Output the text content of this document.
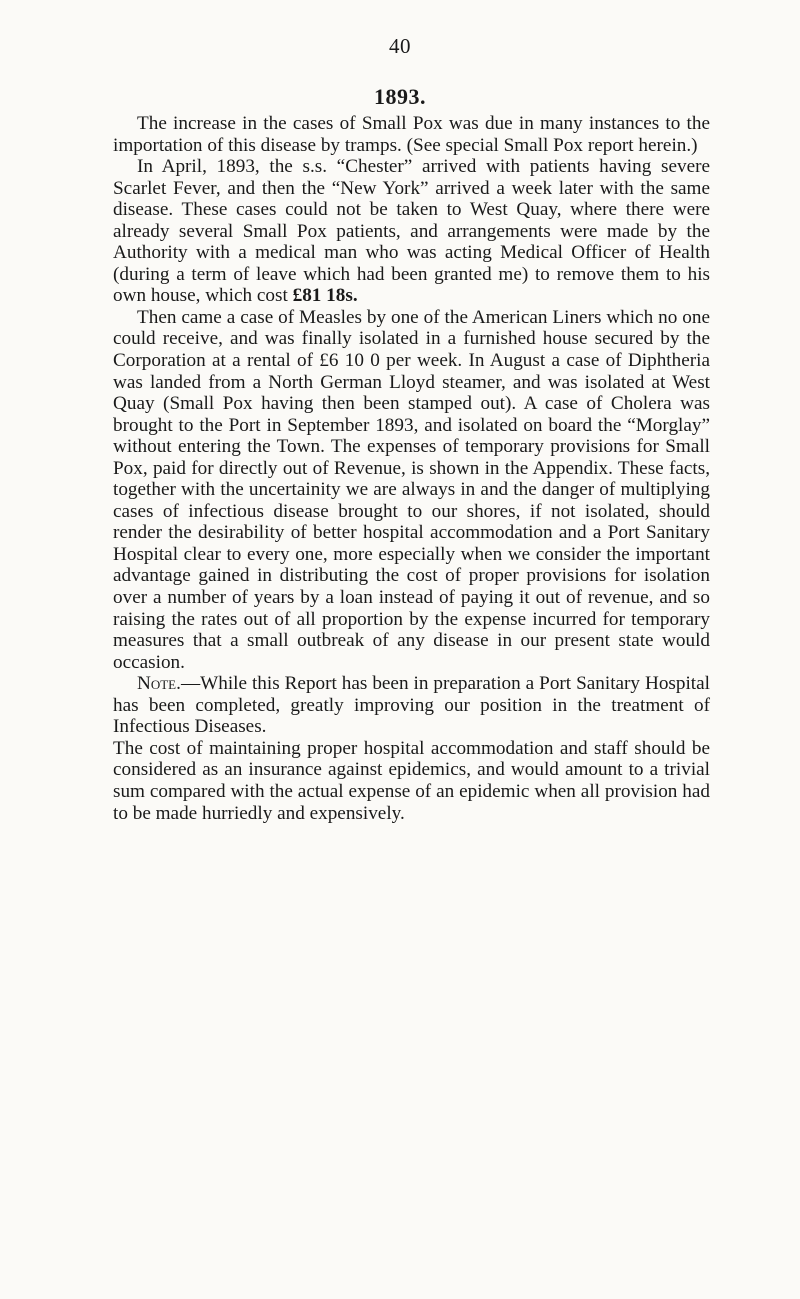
40
1893.

The increase in the cases of Small Pox was due in many instances to the importation of this disease by tramps. (See special Small Pox report herein.)

In April, 1893, the s.s. “Chester” arrived with patients having severe Scarlet Fever, and then the “New York” arrived a week later with the same disease. These cases could not be taken to West Quay, where there were already several Small Pox patients, and arrangements were made by the Authority with a medical man who was acting Medical Officer of Health (during a term of leave which had been granted me) to remove them to his own house, which cost £81 18s.

Then came a case of Measles by one of the American Liners which no one could receive, and was finally isolated in a furnished house secured by the Corporation at a rental of £6 10 0 per week. In August a case of Diphtheria was landed from a North German Lloyd steamer, and was isolated at West Quay (Small Pox having then been stamped out). A case of Cholera was brought to the Port in September 1893, and isolated on board the “Morglay” without entering the Town. The expenses of temporary provisions for Small Pox, paid for directly out of Revenue, is shown in the Appendix. These facts, together with the uncertainity we are always in and the danger of multiplying cases of infectious disease brought to our shores, if not isolated, should render the desirability of better hospital accommodation and a Port Sanitary Hospital clear to every one, more especially when we consider the important advantage gained in distributing the cost of proper provisions for isolation over a number of years by a loan instead of paying it out of revenue, and so raising the rates out of all proportion by the expense incurred for temporary measures that a small outbreak of any disease in our present state would occasion.

Note.—While this Report has been in preparation a Port Sanitary Hospital has been completed, greatly improving our position in the treatment of Infectious Diseases.

The cost of maintaining proper hospital accommodation and staff should be considered as an insurance against epidemics, and would amount to a trivial sum compared with the actual expense of an epidemic when all provision had to be made hurriedly and expensively.
